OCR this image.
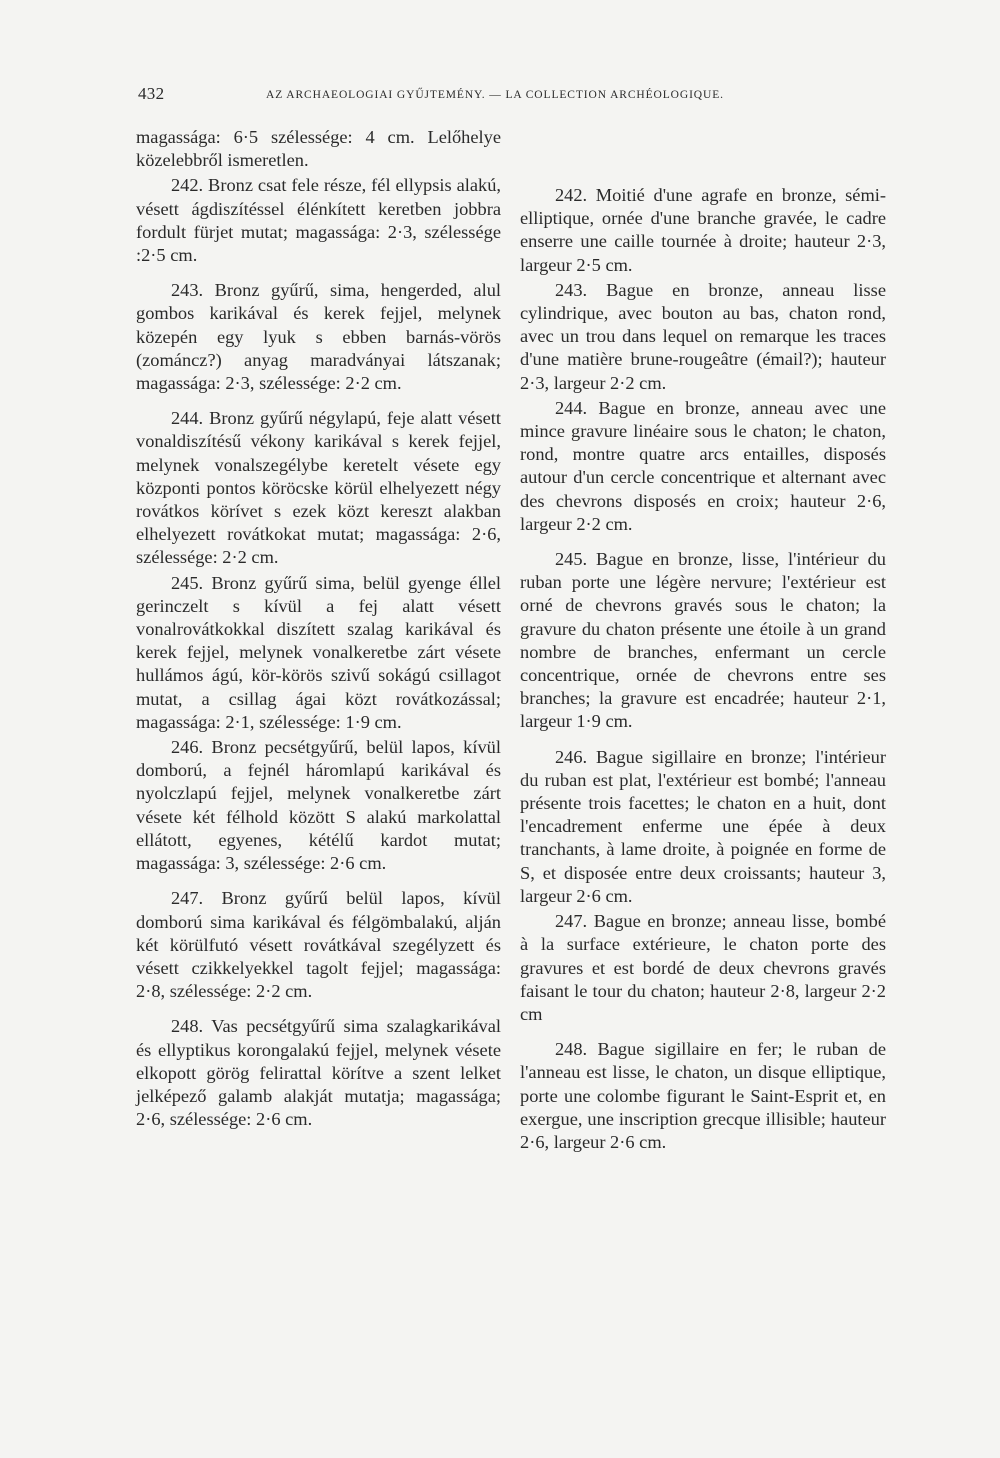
432	AZ ARCHAEOLOGIAI GYŰJTEMÉNY. — LA COLLECTION ARCHÉOLOGIQUE.

magassága: 6·5 szélessége: 4 cm. Lelőhelye közelebbről ismeretlen.

242. Bronz csat fele része, fél ellypsis alakú, vésett ágdiszítéssel élénkített keretben jobbra fordult fürjet mutat; magassága: 2·3, szélessége :2·5 cm.

243. Bronz gyűrű, sima, hengerded, alul gombos karikával és kerek fejjel, melynek közepén egy lyuk s ebben barnás-vörös (zománcz?) anyag maradványai látszanak; magassága: 2·3, szélessége: 2·2 cm.

244. Bronz gyűrű négylapú, feje alatt vésett vonaldiszítésű vékony karikával s kerek fejjel, melynek vonalszegélybe keretelt vésete egy központi pontos köröcske körül elhelyezett négy rovátkos körívet s ezek közt kereszt alakban elhelyezett rovátkokat mutat; magassága: 2·6, szélessége: 2·2 cm.

245. Bronz gyűrű sima, belül gyenge éllel gerinczelt s kívül a fej alatt vésett vonalrovátkokkal diszített szalag karikával és kerek fejjel, melynek vonalkeretbe zárt vésete hullámos ágú, kör-körös szivű sokágú csillagot mutat, a csillag ágai közt rovátkozással; magassága: 2·1, szélessége: 1·9 cm.

246. Bronz pecsétgyűrű, belül lapos, kívül domború, a fejnél háromlapú karikával és nyolczlapú fejjel, melynek vonalkeretbe zárt vésete két félhold között S alakú markolattal ellátott, egyenes, kétélű kardot mutat; magassága: 3, szélessége: 2·6 cm.

247. Bronz gyűrű belül lapos, kívül domború sima karikával és félgömbalakú, alján két körülfutó vésett rovátkával szegélyzett és vésett czikkelyekkel tagolt fejjel; magassága: 2·8, szélessége: 2·2 cm.

248. Vas pecsétgyűrű sima szalagkarikával és ellyptikus korongalakú fejjel, melynek vésete elkopott görög felirattal körítve a szent lelket jelképező galamb alakját mutatja; magassága; 2·6, szélessége: 2·6 cm.

242. Moitié d'une agrafe en bronze, sémi-elliptique, ornée d'une branche gravée, le cadre enserre une caille tournée à droite; hauteur 2·3, largeur 2·5 cm.

243. Bague en bronze, anneau lisse cylindrique, avec bouton au bas, chaton rond, avec un trou dans lequel on remarque les traces d'une matière brune-rougeâtre (émail?); hauteur 2·3, largeur 2·2 cm.

244. Bague en bronze, anneau avec une mince gravure linéaire sous le chaton; le chaton, rond, montre quatre arcs entailles, disposés autour d'un cercle concentrique et alternant avec des chevrons disposés en croix; hauteur 2·6, largeur 2·2 cm.

245. Bague en bronze, lisse, l'intérieur du ruban porte une légère nervure; l'extérieur est orné de chevrons gravés sous le chaton; la gravure du chaton présente une étoile à un grand nombre de branches, enfermant un cercle concentrique, ornée de chevrons entre ses branches; la gravure est encadrée; hauteur 2·1, largeur 1·9 cm.

246. Bague sigillaire en bronze; l'intérieur du ruban est plat, l'extérieur est bombé; l'anneau présente trois facettes; le chaton en a huit, dont l'encadrement enferme une épée à deux tranchants, à lame droite, à poignée en forme de S, et disposée entre deux croissants; hauteur 3, largeur 2·6 cm.

247. Bague en bronze; anneau lisse, bombé à la surface extérieure, le chaton porte des gravures et est bordé de deux chevrons gravés faisant le tour du chaton; hauteur 2·8, largeur 2·2 cm

248. Bague sigillaire en fer; le ruban de l'anneau est lisse, le chaton, un disque elliptique, porte une colombe figurant le Saint-Esprit et, en exergue, une inscription grecque illisible; hauteur 2·6, largeur 2·6 cm.
